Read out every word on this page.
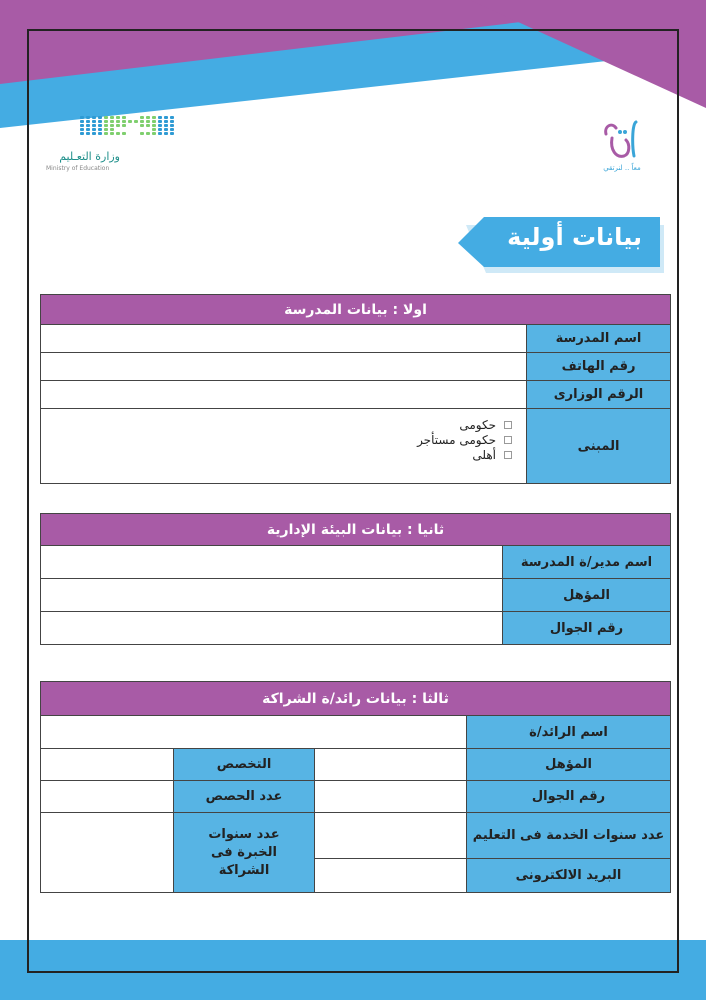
وزارة التعـليم
Ministry of Education	معاً .. لنرتقي
بيانات أولية
اولا : بيانات المدرسة
اسم المدرسة
رقم الهاتف
الرقم الوزارى
المبنى
حكومى
حكومى مستأجر
أهلى
ثانيا : بيانات البيئة الإدارية
اسم مدير/ة المدرسة
المؤهل
رقم الجوال
ثالثا : بيانات رائد/ة الشراكة
اسم الرائد/ة
المؤهل
التخصص
رقم الجوال
عدد الحصص
عدد سنوات الخدمة فى التعليم
عدد سنوات الخبرة فى الشراكة	البريد الالكترونى
